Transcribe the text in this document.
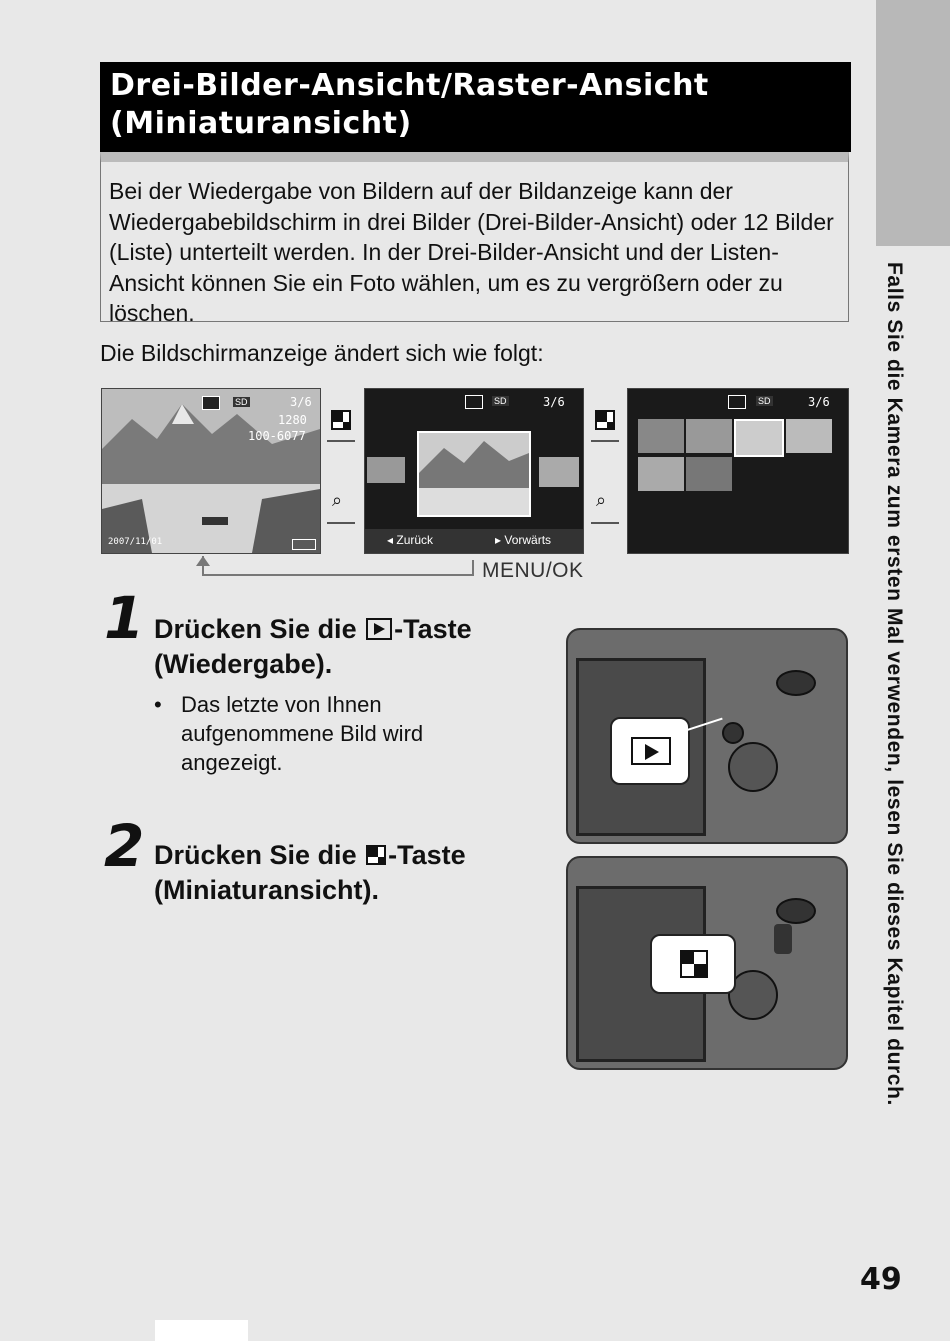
Falls Sie die Kamera zum ersten Mal verwenden, lesen Sie dieses Kapitel durch.
49
Drei-Bilder-Ansicht/Raster-Ansicht
(Miniaturansicht)
Bei der Wiedergabe von Bildern auf der Bildanzeige kann der Wiedergabebildschirm in drei Bilder (Drei-Bilder-Ansicht) oder 12 Bilder (Liste) unterteilt werden. In der Drei-Bilder-Ansicht und der Listen-Ansicht können Sie ein Foto wählen, um es zu vergrößern oder zu löschen.
Die Bildschirmanzeige ändert sich wie folgt:
SD	3/6
1280
100-6077
2007/11/01
⌕	⌕
SD	3/6
◂ Zurück	▸ Vorwärts
SD	3/6
MENU/OK
1 Drücken Sie die
-Taste
(Wiedergabe).
• Das letzte von Ihnen aufgenommene Bild wird angezeigt.
2 Drücken Sie die -Taste
(Miniaturansicht).
